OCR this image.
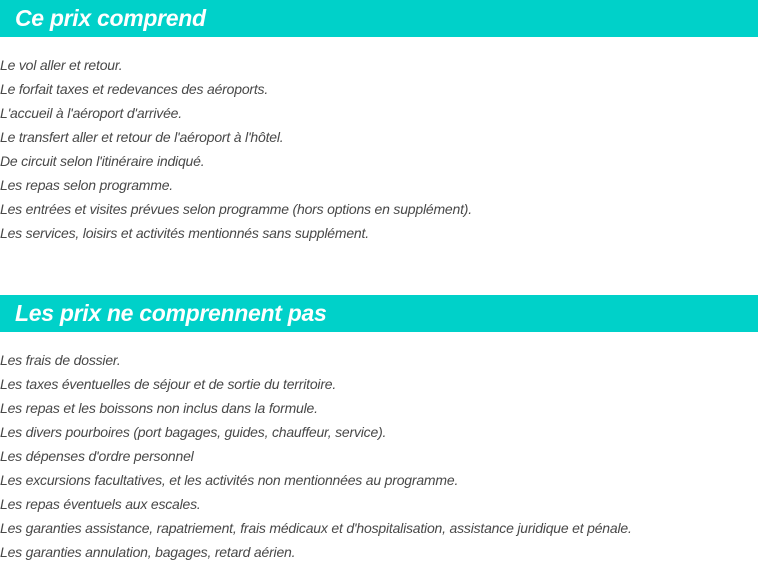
Ce prix comprend
Le vol aller et retour.
Le forfait taxes et redevances des aéroports.
L'accueil à l'aéroport d'arrivée.
Le transfert aller et retour de l'aéroport à l'hôtel.
De circuit selon l'itinéraire indiqué.
Les repas selon programme.
Les entrées et visites prévues selon programme (hors options en supplément).
Les services, loisirs et activités mentionnés sans supplément.
Les prix ne comprennent pas
Les frais de dossier.
Les taxes éventuelles de séjour et de sortie du territoire.
Les repas et les boissons non inclus dans la formule.
Les divers pourboires (port bagages, guides, chauffeur, service).
Les dépenses d'ordre personnel
Les excursions facultatives, et les activités non mentionnées au programme.
Les repas éventuels aux escales.
Les garanties assistance, rapatriement, frais médicaux et d'hospitalisation, assistance juridique et pénale.
Les garanties annulation, bagages, retard aérien.
